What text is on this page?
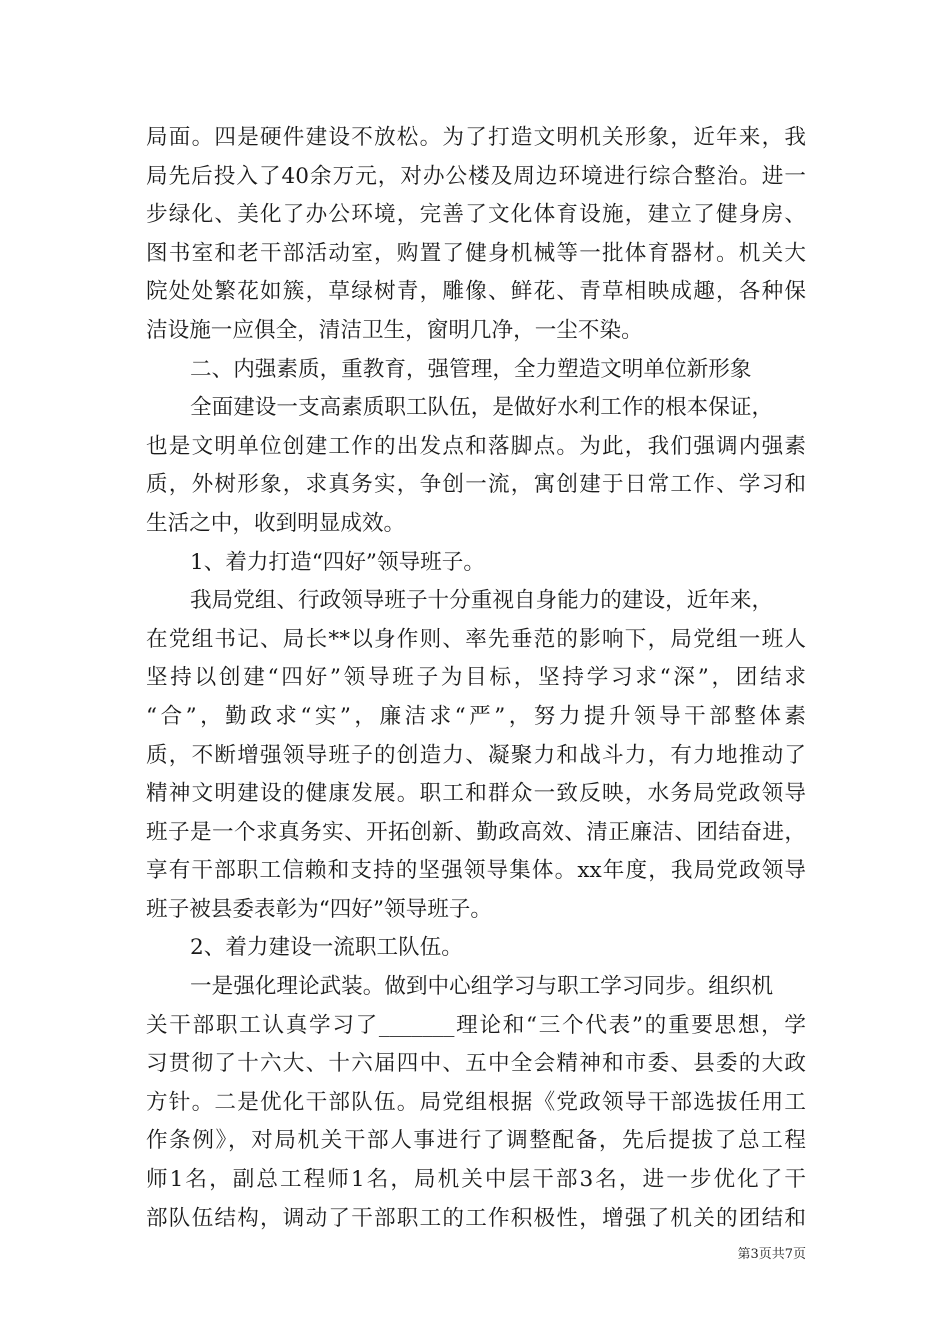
局面。四是硬件建设不放松。为了打造文明机关形象，近年来，我
局先后投入了40余万元，对办公楼及周边环境进行综合整治。进一
步绿化、美化了办公环境，完善了文化体育设施，建立了健身房、
图书室和老干部活动室，购置了健身机械等一批体育器材。机关大
院处处繁花如簇，草绿树青，雕像、鲜花、青草相映成趣，各种保
洁设施一应俱全，清洁卫生，窗明几净，一尘不染。
二、内强素质，重教育，强管理，全力塑造文明单位新形象
全面建设一支高素质职工队伍，是做好水利工作的根本保证，
也是文明单位创建工作的出发点和落脚点。为此，我们强调内强素
质，外树形象，求真务实，争创一流，寓创建于日常工作、学习和
生活之中，收到明显成效。
1、着力打造“四好”领导班子。
我局党组、行政领导班子十分重视自身能力的建设，近年来，
在党组书记、局长**以身作则、率先垂范的影响下，局党组一班人
坚持以创建“四好”领导班子为目标，坚持学习求“深”，团结求
“合”，勤政求“实”，廉洁求“严”，努力提升领导干部整体素
质，不断增强领导班子的创造力、凝聚力和战斗力，有力地推动了
精神文明建设的健康发展。职工和群众一致反映，水务局党政领导
班子是一个求真务实、开拓创新、勤政高效、清正廉洁、团结奋进，
享有干部职工信赖和支持的坚强领导集体。xx年度，我局党政领导
班子被县委表彰为“四好”领导班子。
2、着力建设一流职工队伍。
一是强化理论武装。做到中心组学习与职工学习同步。组织机
关干部职工认真学习了_______理论和“三个代表”的重要思想，学
习贯彻了十六大、十六届四中、五中全会精神和市委、县委的大政
方针。二是优化干部队伍。局党组根据《党政领导干部选拔任用工
作条例》，对局机关干部人事进行了调整配备，先后提拔了总工程
师1名，副总工程师1名，局机关中层干部3名，进一步优化了干
部队伍结构，调动了干部职工的工作积极性，增强了机关的团结和
第3页共7页
